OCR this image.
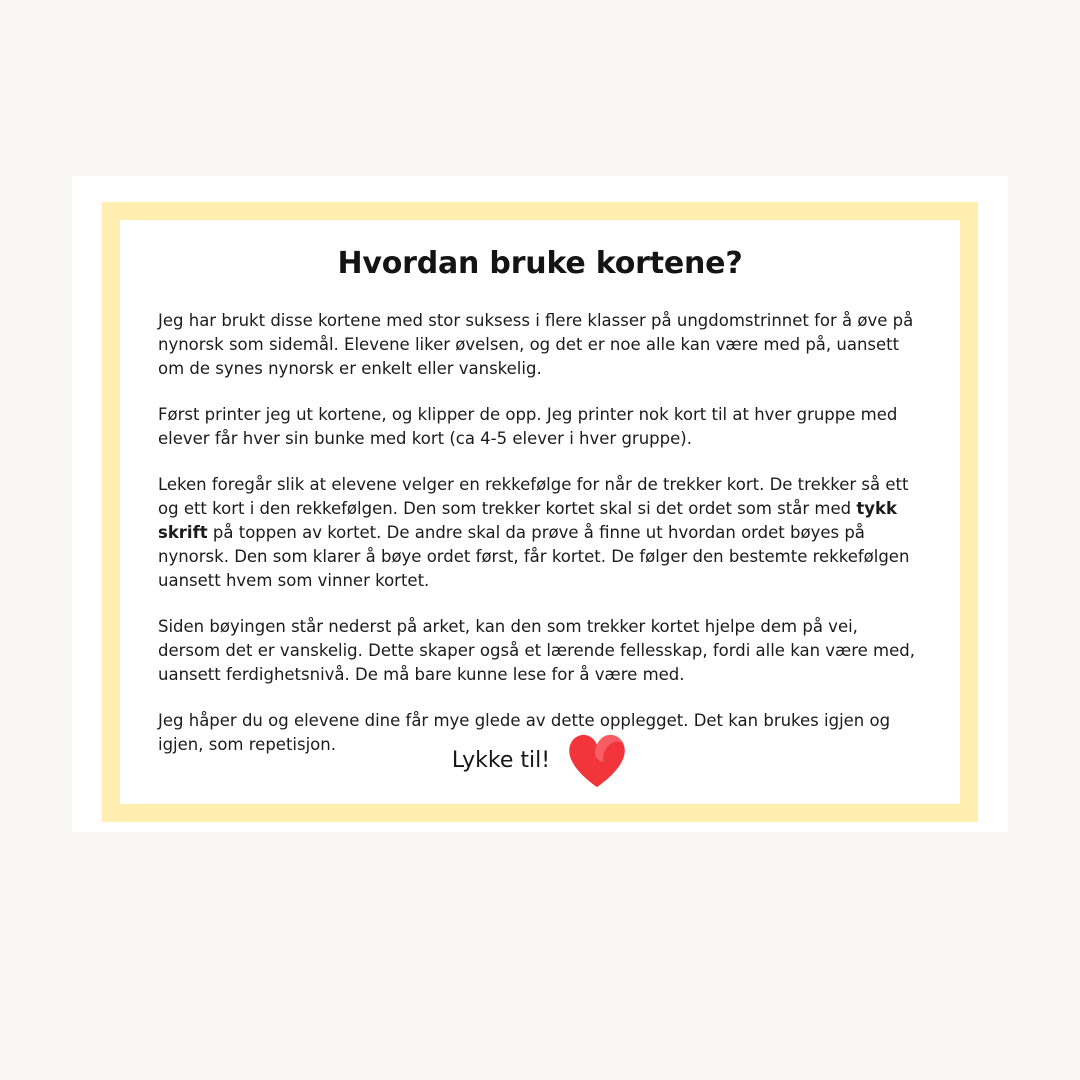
Hvordan bruke kortene?

Jeg har brukt disse kortene med stor suksess i flere klasser på ungdomstrinnet for å øve på nynorsk som sidemål. Elevene liker øvelsen, og det er noe alle kan være med på, uansett om de synes nynorsk er enkelt eller vanskelig.

Først printer jeg ut kortene, og klipper de opp. Jeg printer nok kort til at hver gruppe med elever får hver sin bunke med kort (ca 4-5 elever i hver gruppe).

Leken foregår slik at elevene velger en rekkefølge for når de trekker kort. De trekker så ett og ett kort i den rekkefølgen. Den som trekker kortet skal si det ordet som står med tykk skrift på toppen av kortet. De andre skal da prøve å finne ut hvordan ordet bøyes på nynorsk. Den som klarer å bøye ordet først, får kortet. De følger den bestemte rekkefølgen uansett hvem som vinner kortet.

Siden bøyingen står nederst på arket, kan den som trekker kortet hjelpe dem på vei, dersom det er vanskelig. Dette skaper også et lærende fellesskap, fordi alle kan være med, uansett ferdighetsnivå. De må bare kunne lese for å være med.

Jeg håper du og elevene dine får mye glede av dette opplegget. Det kan brukes igjen og igjen, som repetisjon.

Lykke til!
